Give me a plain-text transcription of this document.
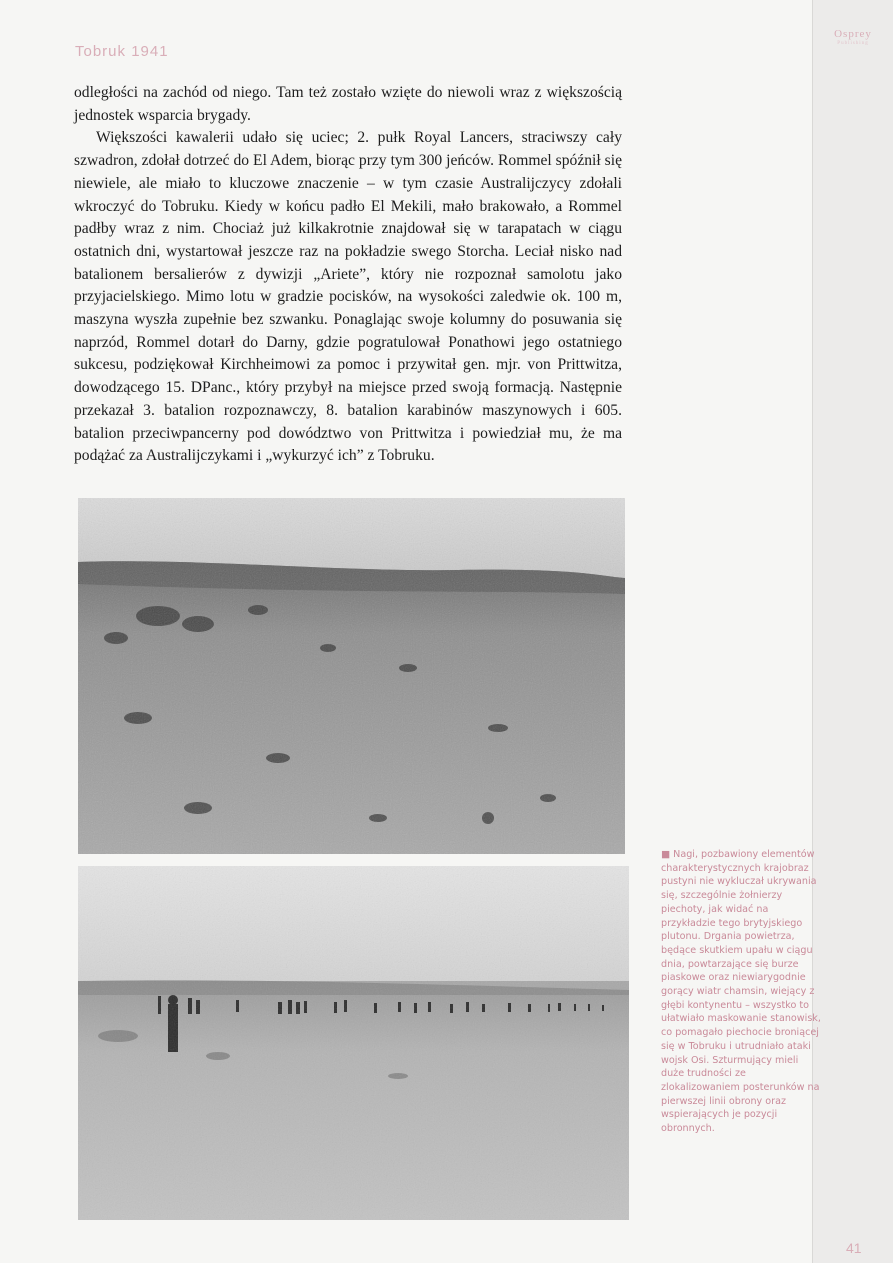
Tobruk 1941
Osprey
Publishing

odległości na zachód od niego. Tam też zostało wzięte do niewoli wraz z większością jednostek wsparcia brygady.

Większości kawalerii udało się uciec; 2. pułk Royal Lancers, straciwszy cały szwadron, zdołał dotrzeć do El Adem, biorąc przy tym 300 jeńców. Rommel spóźnił się niewiele, ale miało to kluczowe znaczenie – w tym czasie Australijczycy zdołali wkroczyć do Tobruku. Kiedy w końcu padło El Mekili, mało brakowało, a Rommel padłby wraz z nim. Chociaż już kilkakrotnie znajdował się w tarapatach w ciągu ostatnich dni, wystartował jeszcze raz na pokładzie swego Storcha. Leciał nisko nad batalionem bersalierów z dywizji „Ariete”, który nie rozpoznał samolotu jako przyjacielskiego. Mimo lotu w gradzie pocisków, na wysokości zaledwie ok. 100 m, maszyna wyszła zupełnie bez szwanku. Ponaglając swoje kolumny do posuwania się naprzód, Rommel dotarł do Darny, gdzie pogratulował Ponathowi jego ostatniego sukcesu, podziękował Kirchheimowi za pomoc i przywitał gen. mjr. von Prittwitza, dowodzącego 15. DPanc., który przybył na miejsce przed swoją formacją. Następnie przekazał 3. batalion rozpoznawczy, 8. batalion karabinów maszynowych i 605. batalion przeciwpancerny pod dowództwo von Prittwitza i powiedział mu, że ma podążać za Australijczykami i „wykurzyć ich” z Tobruku.

■ Nagi, pozbawiony elementów charakterystycznych krajobraz pustyni nie wykluczał ukrywania się, szczególnie żołnierzy piechoty, jak widać na przykładzie tego brytyjskiego plutonu. Drgania powietrza, będące skutkiem upału w ciągu dnia, powtarzające się burze piaskowe oraz niewiarygodnie gorący wiatr chamsin, wiejący z głębi kontynentu – wszystko to ułatwiało maskowanie stanowisk, co pomagało piechocie broniącej się w Tobruku i utrudniało ataki wojsk Osi. Szturmujący mieli duże trudności ze zlokalizowaniem posterunków na pierwszej linii obrony oraz wspierających je pozycji obronnych.
41
